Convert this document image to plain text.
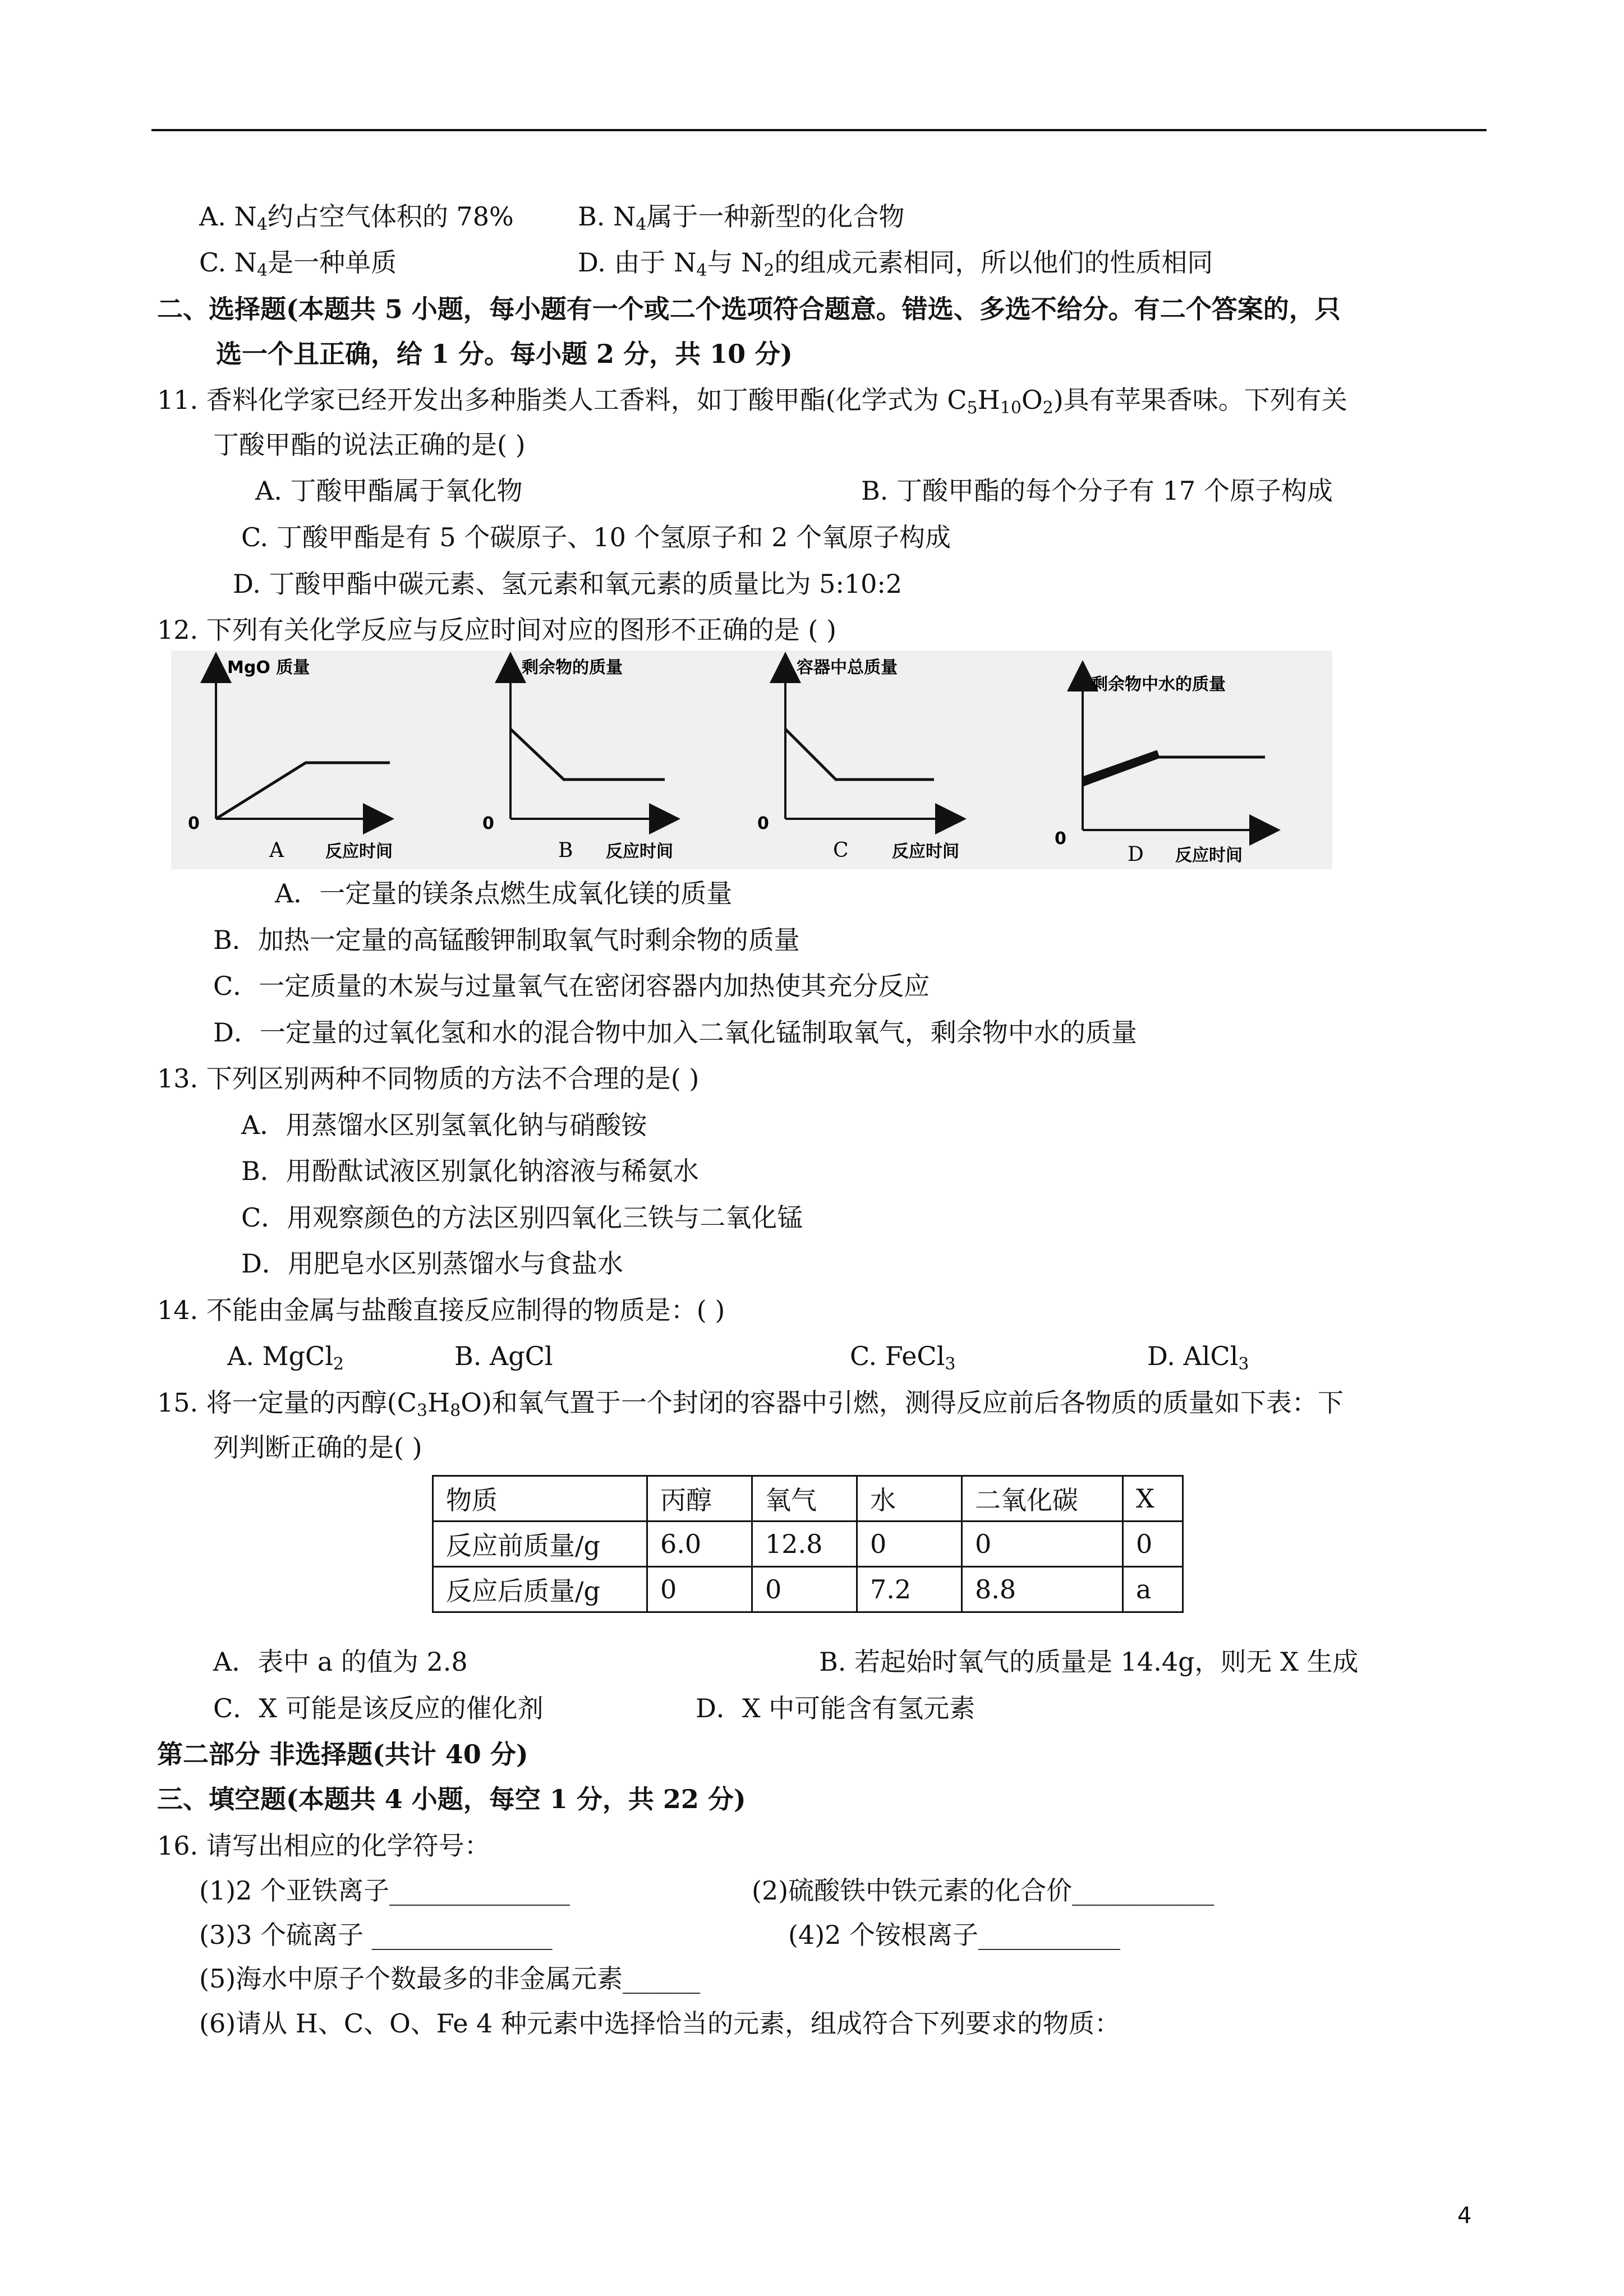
A. $N_4$约占空气体积的 78% B. $N_4$属于一种新型的化合物
C. $N_4$是一种单质	D. 由于 $N_4$与 $N_2$的组成元素相同，所以他们的性质相同
二、选择题(本题共 5 小题，每小题有一个或二个选项符合题意。错选、多选不给分。有二个答案的，只
选一个且正确，给 1 分。每小题 2 分，共 10 分)
11. 香料化学家已经开发出多种脂类人工香料，如丁酸甲酯(化学式为 $C_5H_{10}O_2$)具有苹果香味。下列有关
丁酸甲酯的说法正确的是( )
A. 丁酸甲酯属于氧化物	B. 丁酸甲酯的每个分子有 17 个原子构成
C. 丁酸甲酯是有 5 个碳原子、10 个氢原子和 2 个氧原子构成
D. 丁酸甲酯中碳元素、氢元素和氧元素的质量比为 5:10:2
12. 下列有关化学反应与反应时间对应的图形不正确的是 ( )
MgO 质量
0
A 反应时间
剩余物的质量
0
B 反应时间
容器中总质量
0
C	反应时间
剩余物中水的质量
0
D 反应时间
A．一定量的镁条点燃生成氧化镁的质量
B．加热一定量的高锰酸钾制取氧气时剩余物的质量
C．一定质量的木炭与过量氧气在密闭容器内加热使其充分反应
D．一定量的过氧化氢和水的混合物中加入二氧化锰制取氧气，剩余物中水的质量
13. 下列区别两种不同物质的方法不合理的是( )
A．用蒸馏水区别氢氧化钠与硝酸铵
B．用酚酞试液区别氯化钠溶液与稀氨水
C．用观察颜色的方法区别四氧化三铁与二氧化锰
D．用肥皂水区别蒸馏水与食盐水
14. 不能由金属与盐酸直接反应制得的物质是：( )
A. MgCl$_2$	B. AgCl	C. FeCl$_3$	D. AlCl$_3$
15. 将一定量的丙醇$(C_3H_8O)$和氧气置于一个封闭的容器中引燃，测得反应前后各物质的质量如下表：下
列判断正确的是( )
物质	丙醇	氧气	水	二氧化碳	X
反应前质量/g	6.0	12.8	0	0	0
反应后质量/g	0	0	7.2	8.8	a
A．表中 a 的值为 2.8	B. 若起始时氧气的质量是 14.4g，则无 X 生成
C．X 可能是该反应的催化剂	D．X 中可能含有氢元素
第二部分 非选择题(共计 40 分)
三、填空题(本题共 4 小题，每空 1 分，共 22 分)
16. 请写出相应的化学符号：
(1)2 个亚铁离子______________	(2)硫酸铁中铁元素的化合价___________
(3)3 个硫离子 ______________	(4)2 个铵根离子___________
(5)海水中原子个数最多的非金属元素______
(6)请从 H、C、O、Fe 4 种元素中选择恰当的元素，组成符合下列要求的物质：
4
